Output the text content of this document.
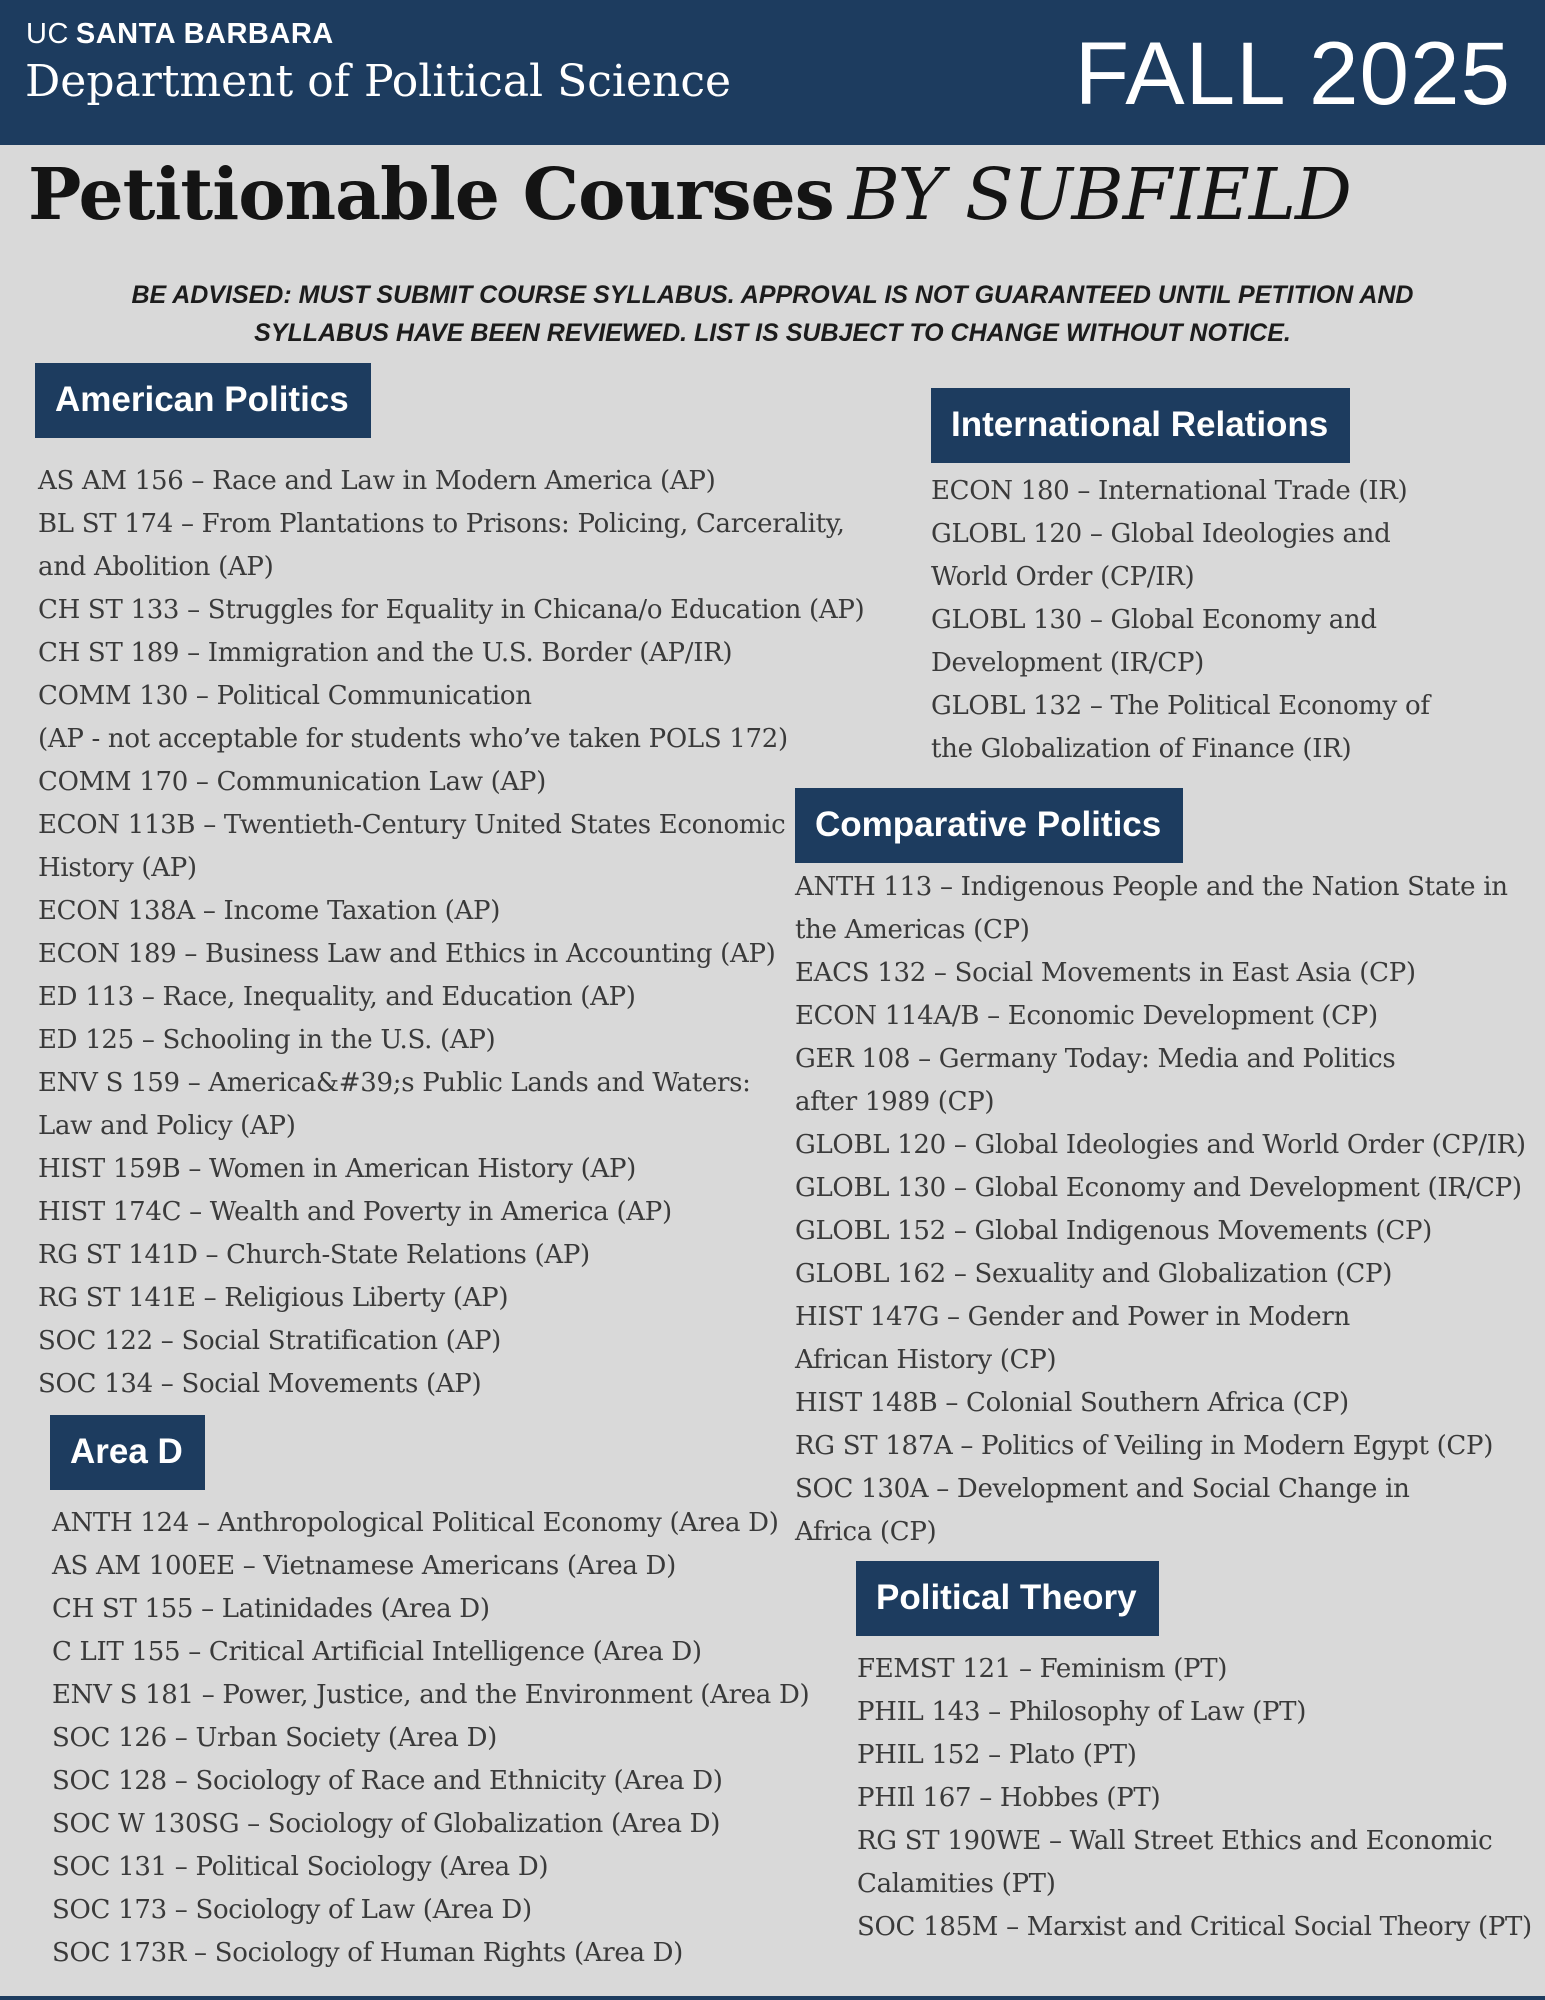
UC SANTA BARBARA
Department of Political Science	FALL 2025
Petitionable Courses BY SUBFIELD
BE ADVISED: MUST SUBMIT COURSE SYLLABUS. APPROVAL IS NOT GUARANTEED UNTIL PETITION AND
SYLLABUS HAVE BEEN REVIEWED. LIST IS SUBJECT TO CHANGE WITHOUT NOTICE.
American Politics
AS AM 156 – Race and Law in Modern America (AP)
BL ST 174 – From Plantations to Prisons: Policing, Carcerality,
and Abolition (AP)
CH ST 133 – Struggles for Equality in Chicana/o Education (AP)
CH ST 189 – Immigration and the U.S. Border (AP/IR)
COMM 130 – Political Communication
(AP - not acceptable for students who’ve taken POLS 172)
COMM 170 – Communication Law (AP)
ECON 113B – Twentieth-Century United States Economic
History (AP)
ECON 138A – Income Taxation (AP)
ECON 189 – Business Law and Ethics in Accounting (AP)
ED 113 – Race, Inequality, and Education (AP)
ED 125 – Schooling in the U.S. (AP)
ENV S 159 – America&#39;s Public Lands and Waters:
Law and Policy (AP)
HIST 159B – Women in American History (AP)
HIST 174C – Wealth and Poverty in America (AP)
RG ST 141D – Church-State Relations (AP)
RG ST 141E – Religious Liberty (AP)
SOC 122 – Social Stratification (AP)
SOC 134 – Social Movements (AP)
Area D
ANTH 124 – Anthropological Political Economy (Area D)
AS AM 100EE – Vietnamese Americans (Area D)
CH ST 155 – Latinidades (Area D)
C LIT 155 – Critical Artificial Intelligence (Area D)
ENV S 181 – Power, Justice, and the Environment (Area D)
SOC 126 – Urban Society (Area D)
SOC 128 – Sociology of Race and Ethnicity (Area D)
SOC W 130SG – Sociology of Globalization (Area D)
SOC 131 – Political Sociology (Area D)
SOC 173 – Sociology of Law (Area D)
SOC 173R – Sociology of Human Rights (Area D)
International Relations
ECON 180 – International Trade (IR)
GLOBL 120 – Global Ideologies and
World Order (CP/IR)
GLOBL 130 – Global Economy and
Development (IR/CP)
GLOBL 132 – The Political Economy of
the Globalization of Finance (IR)
Comparative Politics
ANTH 113 – Indigenous People and the Nation State in
the Americas (CP)
EACS 132 – Social Movements in East Asia (CP)
ECON 114A/B – Economic Development (CP)
GER 108 – Germany Today: Media and Politics
after 1989 (CP)
GLOBL 120 – Global Ideologies and World Order (CP/IR)
GLOBL 130 – Global Economy and Development (IR/CP)
GLOBL 152 – Global Indigenous Movements (CP)
GLOBL 162 – Sexuality and Globalization (CP)
HIST 147G – Gender and Power in Modern
African History (CP)
HIST 148B – Colonial Southern Africa (CP)
RG ST 187A – Politics of Veiling in Modern Egypt (CP)
SOC 130A – Development and Social Change in
Africa (CP)
Political Theory
FEMST 121 – Feminism (PT)
PHIL 143 – Philosophy of Law (PT)
PHIL 152 – Plato (PT)
PHIl 167 – Hobbes (PT)
RG ST 190WE – Wall Street Ethics and Economic
Calamities (PT)
SOC 185M – Marxist and Critical Social Theory (PT)
